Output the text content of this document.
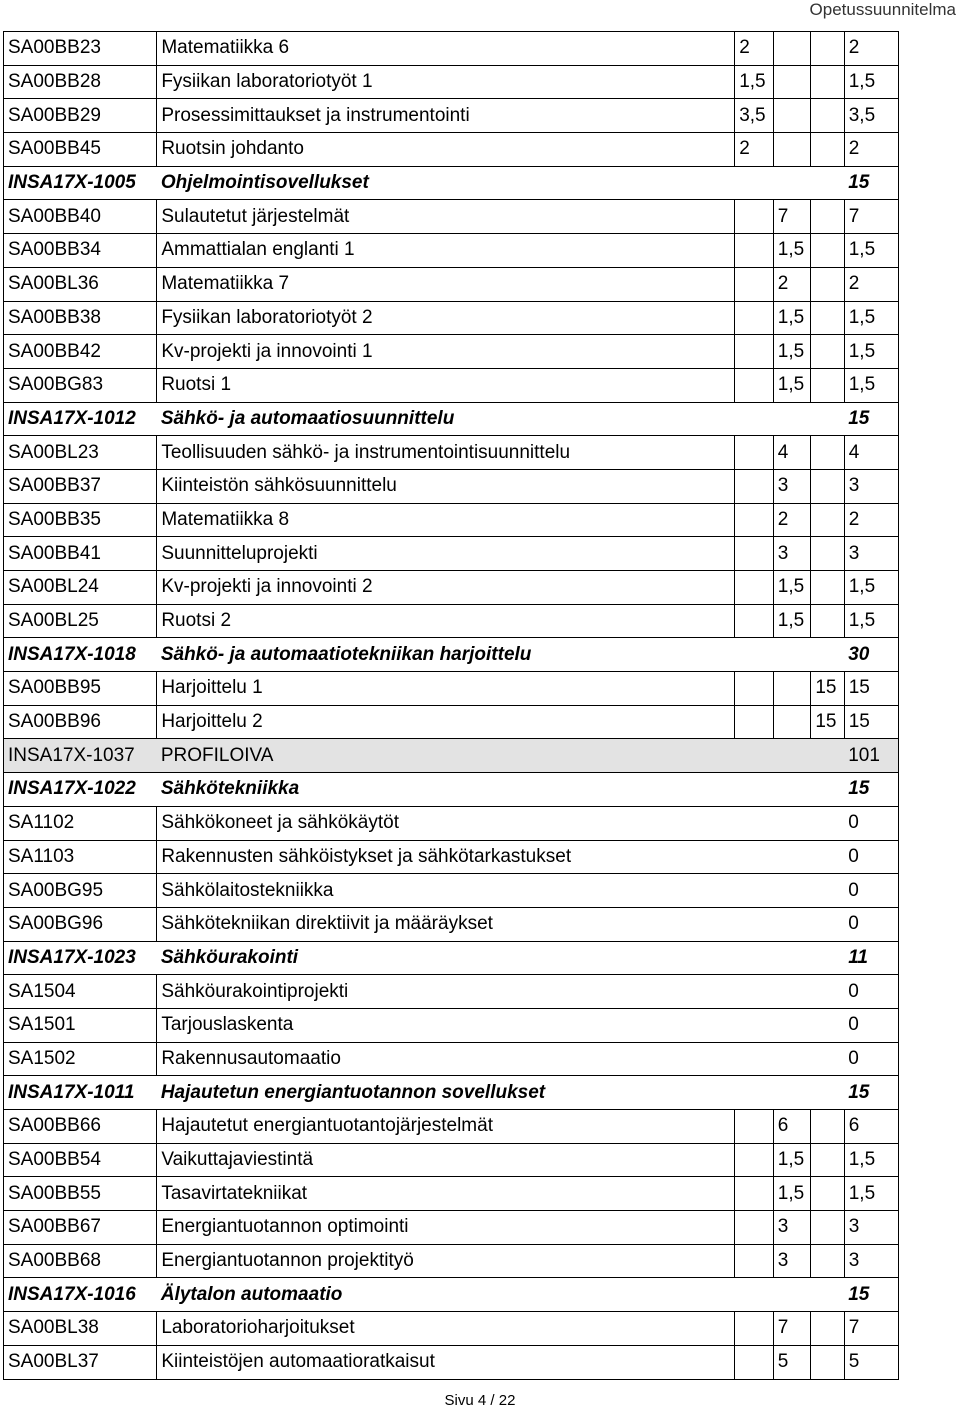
Opetussuunnitelma
SA00BB23	Matematiikka 6			2			2
SA00BB28	Fysiikan laboratoriotyöt 1			1,5			1,5
SA00BB29	Prosessimittaukset ja instrumentointi			3,5			3,5
SA00BB45	Ruotsin johdanto			2			2
INSA17X-1005	Ohjelmointisovellukset				15
SA00BB40	Sulautetut järjestelmät				7		7
SA00BB34	Ammattialan englanti 1				1,5		1,5
SA00BL36	Matematiikka 7				2		2
SA00BB38	Fysiikan laboratoriotyöt 2				1,5		1,5
SA00BB42	Kv-projekti ja innovointi 1				1,5		1,5
SA00BG83	Ruotsi 1				1,5		1,5
INSA17X-1012	Sähkö- ja automaatiosuunnittelu				15
SA00BL23	Teollisuuden sähkö- ja instrumentointisuunnittelu				4		4
SA00BB37	Kiinteistön sähkösuunnittelu				3		3
SA00BB35	Matematiikka 8				2		2
SA00BB41	Suunnitteluprojekti				3		3
SA00BL24	Kv-projekti ja innovointi 2				1,5		1,5
SA00BL25	Ruotsi 2				1,5		1,5
INSA17X-1018	Sähkö- ja automaatiotekniikan harjoittelu				30
SA00BB95	Harjoittelu 1					15	15
SA00BB96	Harjoittelu 2					15	15
INSA17X-1037	PROFILOIVA				101
INSA17X-1022	Sähkötekniikka				15
SA1102	Sähkökoneet ja sähkökäytöt				0
SA1103	Rakennusten sähköistykset ja sähkötarkastukset				0
SA00BG95	Sähkölaitostekniikka				0
SA00BG96	Sähkötekniikan direktiivit ja määräykset				0
INSA17X-1023	Sähköurakointi				11
SA1504	Sähköurakointiprojekti				0
SA1501	Tarjouslaskenta				0
SA1502	Rakennusautomaatio				0
INSA17X-1011	Hajautetun energiantuotannon sovellukset				15
SA00BB66	Hajautetut energiantuotantojärjestelmät				6		6
SA00BB54	Vaikuttajaviestintä				1,5		1,5
SA00BB55	Tasavirtatekniikat				1,5		1,5
SA00BB67	Energiantuotannon optimointi				3		3
SA00BB68	Energiantuotannon projektityö				3		3
INSA17X-1016	Älytalon automaatio				15
SA00BL38	Laboratorioharjoitukset				7		7
SA00BL37	Kiinteistöjen automaatioratkaisut				5		5
Sivu 4 / 22
